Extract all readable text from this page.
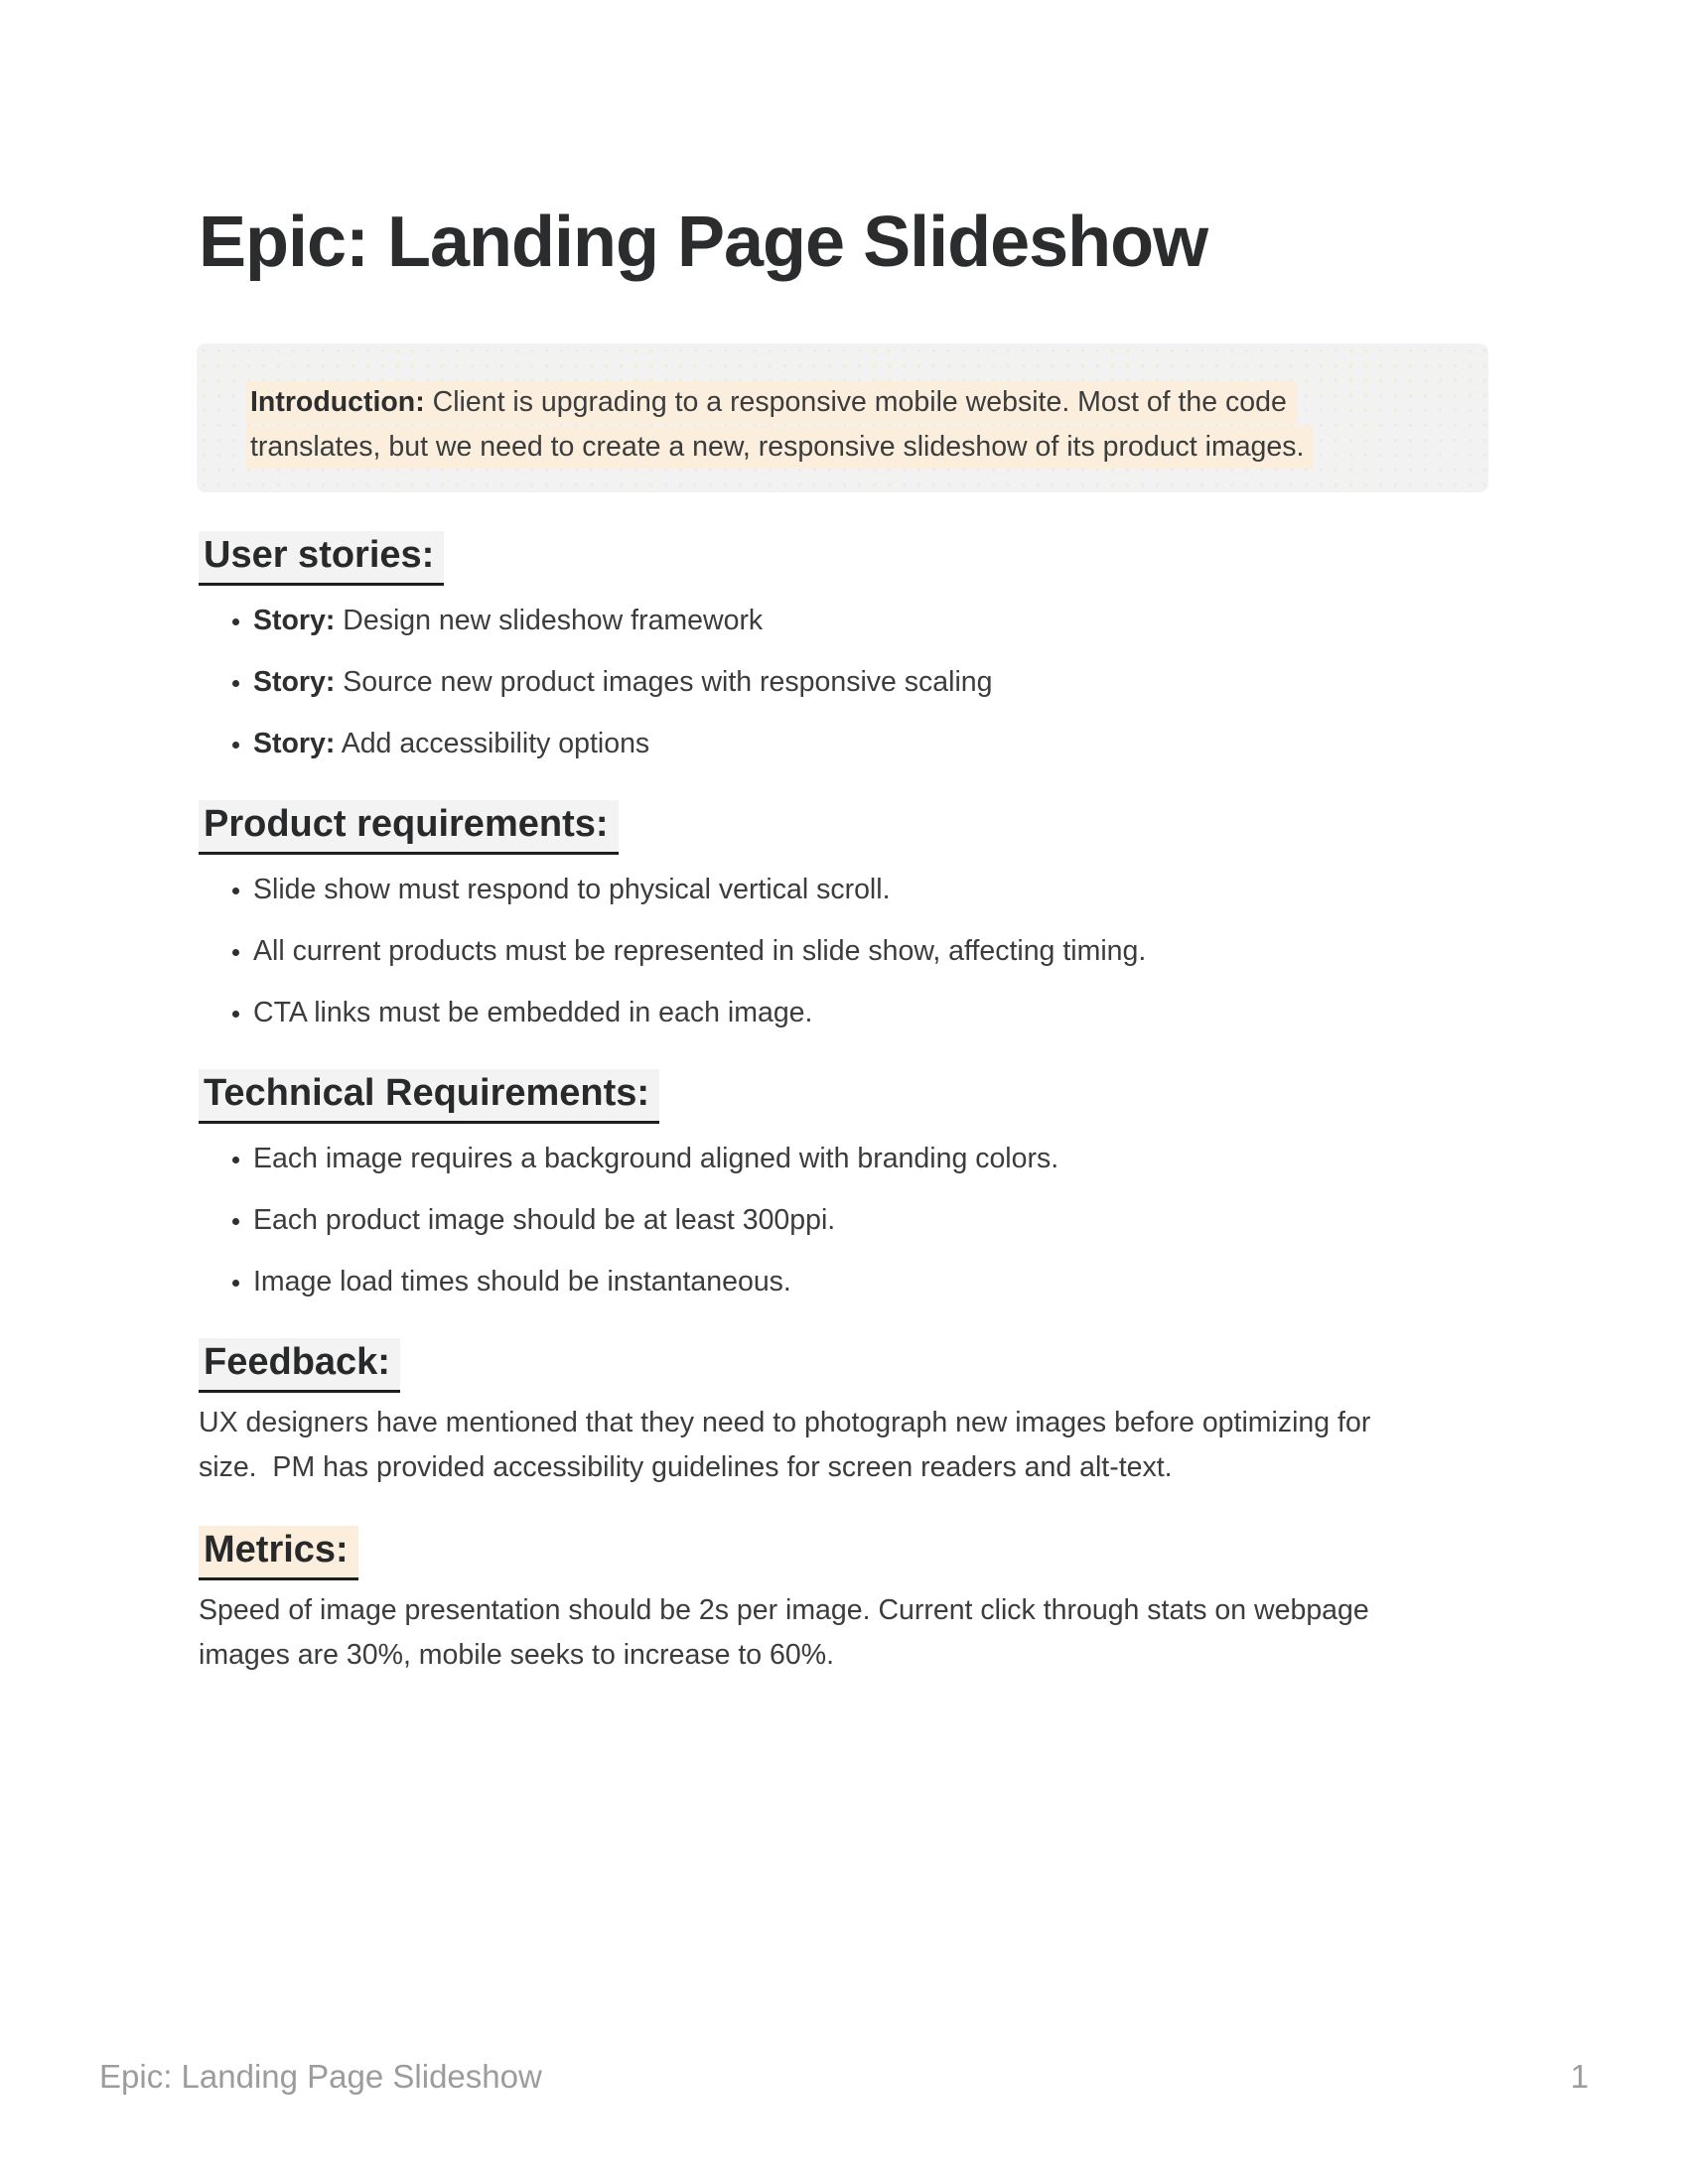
Epic: Landing Page Slideshow
Introduction: Client is upgrading to a responsive mobile website. Most of the code
translates, but we need to create a new, responsive slideshow of its product images.
User stories:
• Story: Design new slideshow framework
• Story: Source new product images with responsive scaling
• Story: Add accessibility options
Product requirements:
• Slide show must respond to physical vertical scroll.
• All current products must be represented in slide show, affecting timing.
• CTA links must be embedded in each image.
Technical Requirements:
• Each image requires a background aligned with branding colors.
• Each product image should be at least 300ppi.
• Image load times should be instantaneous.
Feedback:
UX designers have mentioned that they need to photograph new images before optimizing for
size.  PM has provided accessibility guidelines for screen readers and alt-text.
Metrics:
Speed of image presentation should be 2s per image. Current click through stats on webpage
images are 30%, mobile seeks to increase to 60%.
Epic: Landing Page Slideshow	1
